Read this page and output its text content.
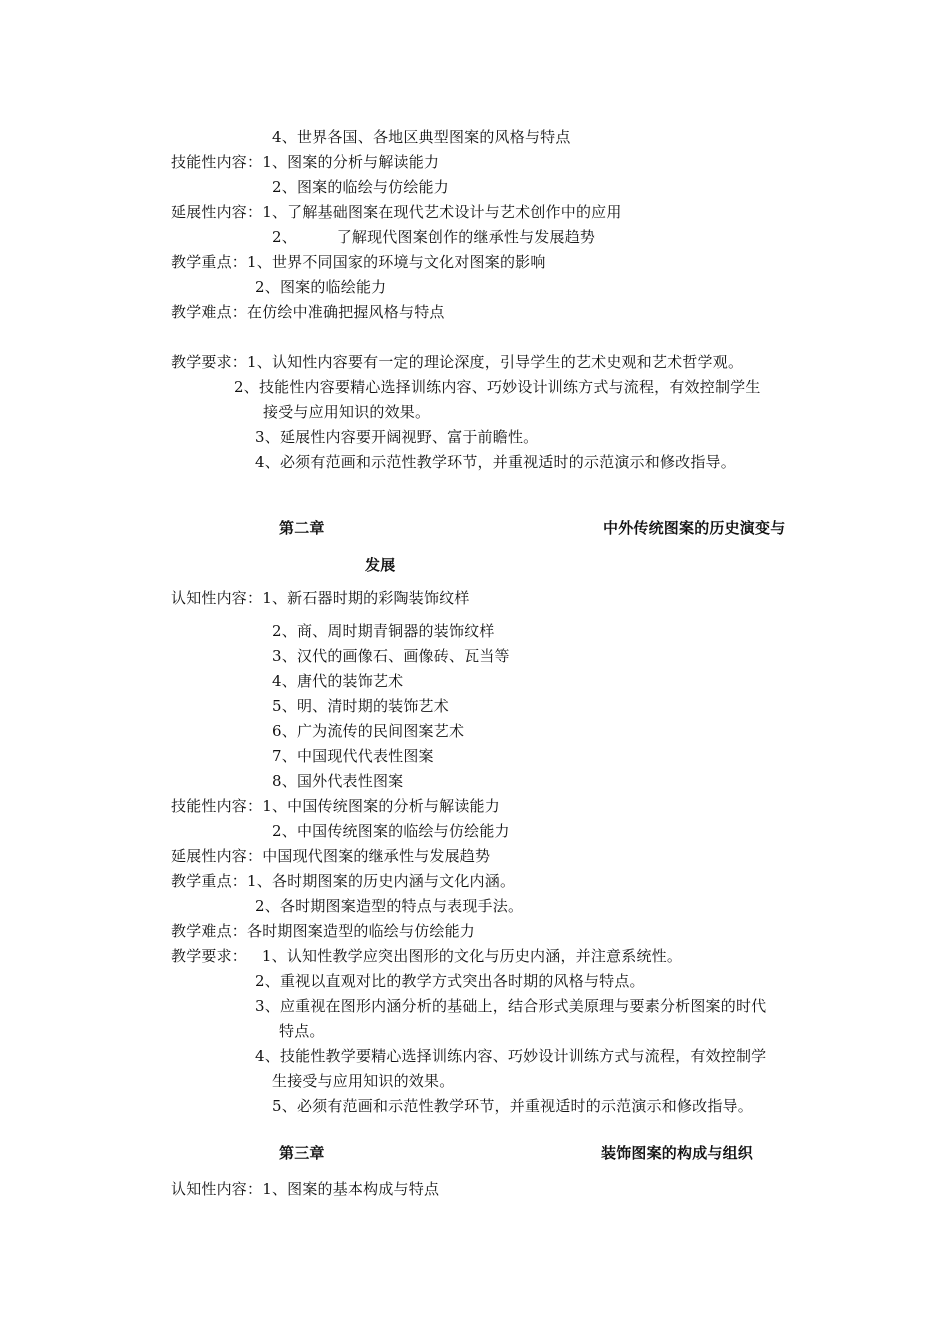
4、世界各国、各地区典型图案的风格与特点
技能性内容：1、图案的分析与解读能力
2、图案的临绘与仿绘能力
延展性内容：1、了解基础图案在现代艺术设计与艺术创作中的应用
2、        了解现代图案创作的继承性与发展趋势
教学重点：1、世界不同国家的环境与文化对图案的影响
2、图案的临绘能力
教学难点：在仿绘中准确把握风格与特点
教学要求：1、认知性内容要有一定的理论深度，引导学生的艺术史观和艺术哲学观。
2、技能性内容要精心选择训练内容、巧妙设计训练方式与流程，有效控制学生
接受与应用知识的效果。
3、延展性内容要开阔视野、富于前瞻性。
4、必须有范画和示范性教学环节，并重视适时的示范演示和修改指导。
第二章	中外传统图案的历史演变与
发展
认知性内容：1、新石器时期的彩陶装饰纹样
2、商、周时期青铜器的装饰纹样
3、汉代的画像石、画像砖、瓦当等
4、唐代的装饰艺术
5、明、清时期的装饰艺术
6、广为流传的民间图案艺术
7、中国现代代表性图案
8、国外代表性图案
技能性内容：1、中国传统图案的分析与解读能力
2、中国传统图案的临绘与仿绘能力
延展性内容：中国现代图案的继承性与发展趋势
教学重点：1、各时期图案的历史内涵与文化内涵。
2、各时期图案造型的特点与表现手法。
教学难点：各时期图案造型的临绘与仿绘能力
教学要求：   1、认知性教学应突出图形的文化与历史内涵，并注意系统性。
2、重视以直观对比的教学方式突出各时期的风格与特点。
3、应重视在图形内涵分析的基础上，结合形式美原理与要素分析图案的时代
特点。
4、技能性教学要精心选择训练内容、巧妙设计训练方式与流程，有效控制学
生接受与应用知识的效果。
5、必须有范画和示范性教学环节，并重视适时的示范演示和修改指导。
第三章	装饰图案的构成与组织
认知性内容：1、图案的基本构成与特点
